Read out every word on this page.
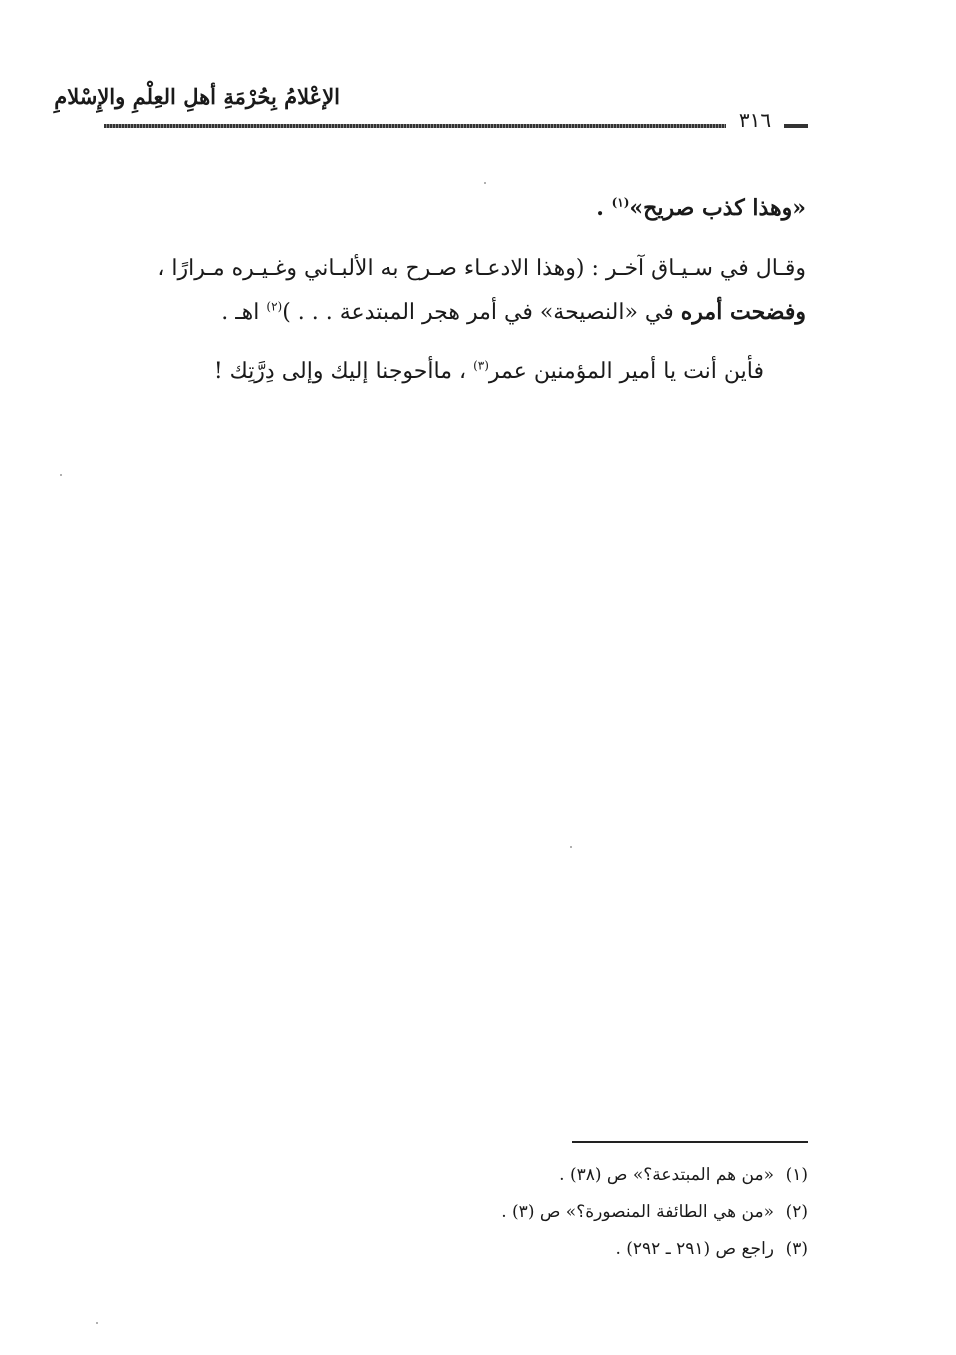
الإعْلامُ بِحُرْمَةِ أهلِ العِلْمِ والإِسْلامِ
٣١٦
«وهذا كذب صريح»$^{(١)}$ .
وقـال في سـيـاق آخـر : (وهذا الادعـاء صـرح به الألبـاني وغـيـره مـرارًا ،
وفضحت أمره في «النصيحة» في أمر هجر المبتدعة . . . )$^{(٢)}$ اهـ .
فأين أنت يا أمير المؤمنين عمر$^{(٣)}$ ، ماأحوجنا إليك وإلى دِرَّتِك !
(١)«من هم المبتدعة؟» ص (٣٨) .
(٢)«من هي الطائفة المنصورة؟» ص (٣) .
(٣)راجع ص (٢٩١ ـ ٢٩٢) .
